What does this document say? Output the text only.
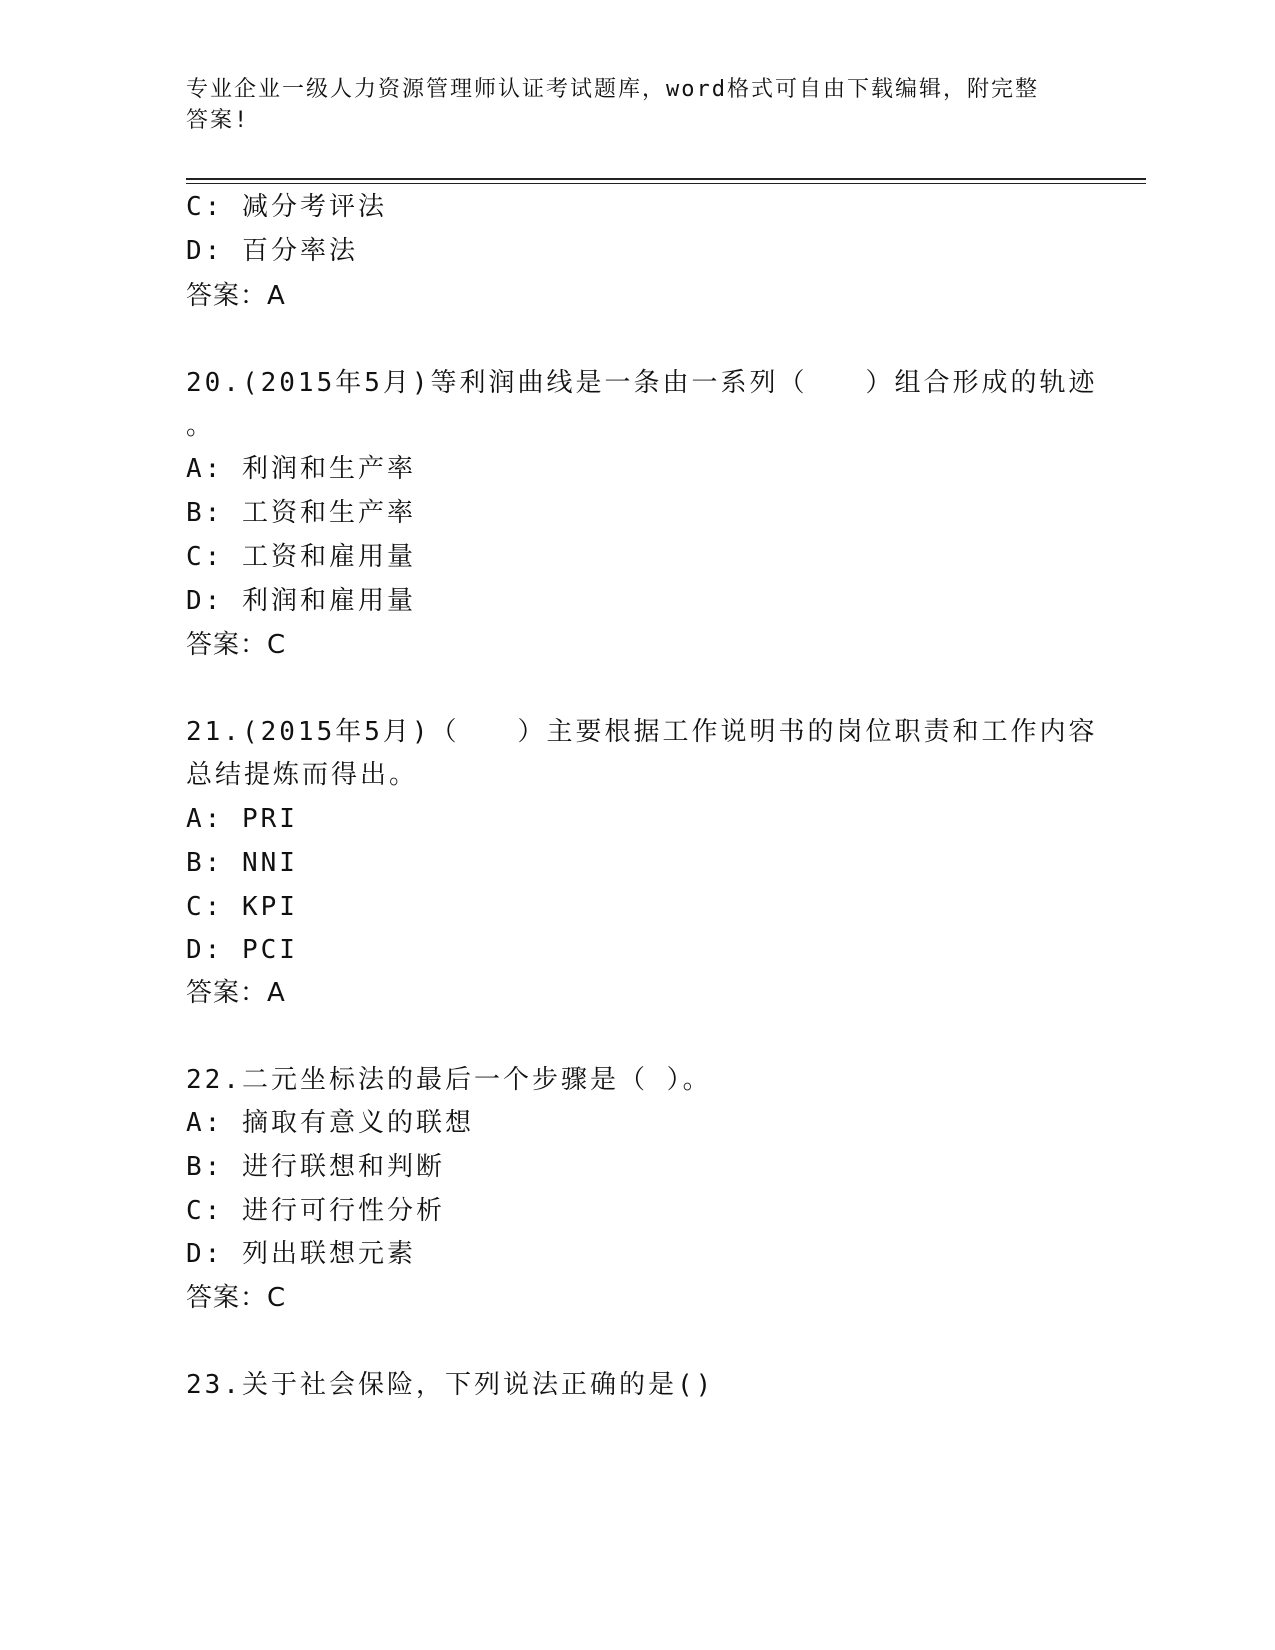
专业企业一级人力资源管理师认证考试题库，word格式可自由下载编辑，附完整
答案!
C: 减分考评法
D: 百分率法
答案：A
20.(2015年5月)等利润曲线是一条由一系列（　　）组合形成的轨迹
。
A: 利润和生产率
B: 工资和生产率
C: 工资和雇用量
D: 利润和雇用量
答案：C
21.(2015年5月)（　　）主要根据工作说明书的岗位职责和工作内容
总结提炼而得出。
A: PRI
B: NNI
C: KPI
D: PCI
答案：A
22.二元坐标法的最后一个步骤是（ ）。
A: 摘取有意义的联想
B: 进行联想和判断
C: 进行可行性分析
D: 列出联想元素
答案：C
23.关于社会保险，下列说法正确的是()
